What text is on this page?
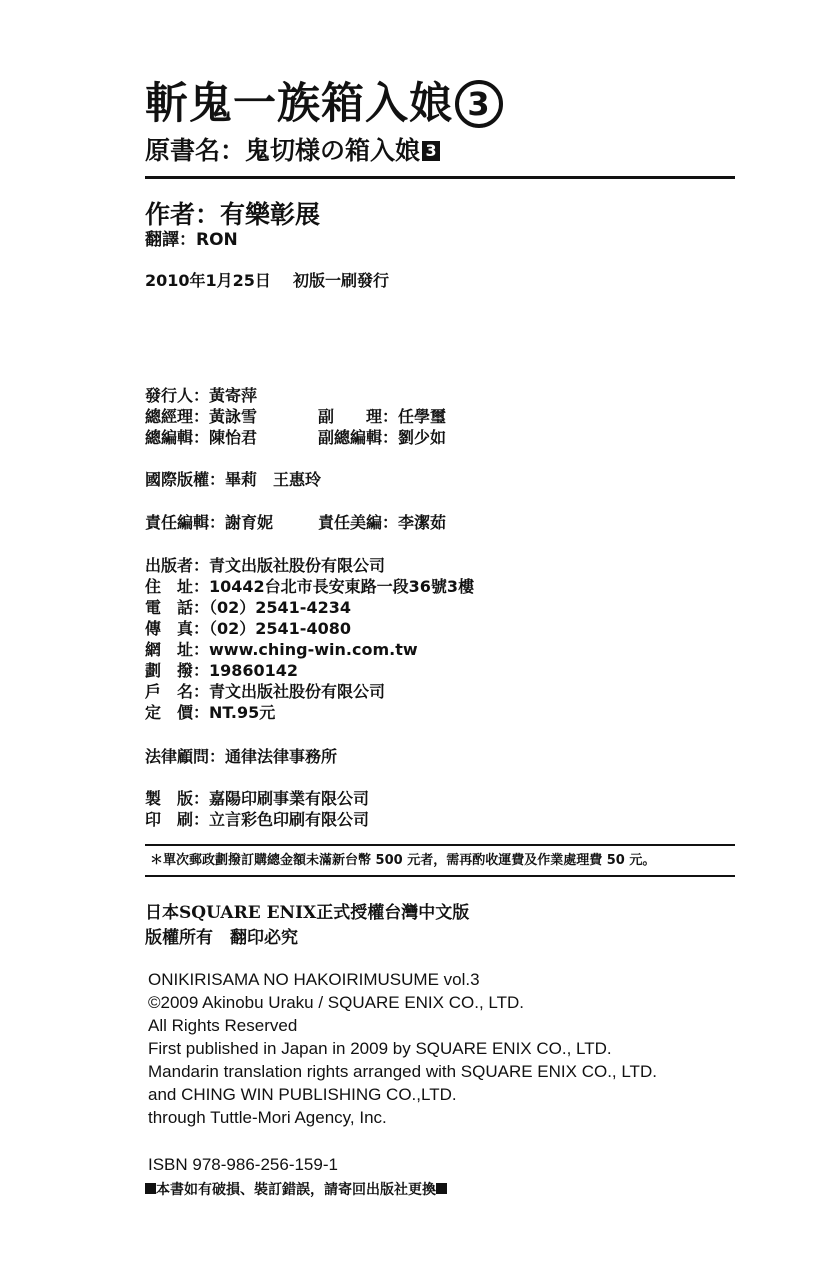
斬鬼一族箱入娘 3
原書名：鬼切様の箱入娘 3
作者：有樂彰展
翻譯：RON
2010年1月25日 初版一刷發行
發行人：黃寄萍
總經理：黃詠雪	副　　理：任學璽
總編輯：陳怡君	副總編輯：劉少如
國際版權：畢莉　王惠玲
責任編輯：謝育妮	責任美編：李潔茹
出版者：青文出版社股份有限公司
住　址：10442台北市長安東路一段36號3樓
電　話：（02）2541-4234
傳　真：（02）2541-4080
網　址：www.ching-win.com.tw
劃　撥：19860142
戶　名：青文出版社股份有限公司
定　價：NT.95元
法律顧問：通律法律事務所
製　版：嘉陽印刷事業有限公司
印　刷：立言彩色印刷有限公司
＊單次郵政劃撥訂購總金額未滿新台幣 500 元者，需再酌收運費及作業處理費 50 元。
日本SQUARE ENIX正式授權台灣中文版
版權所有　翻印必究
ONIKIRISAMA NO HAKOIRIMUSUME vol.3
©2009 Akinobu Uraku / SQUARE ENIX CO., LTD.
All Rights Reserved
First published in Japan in 2009 by SQUARE ENIX CO., LTD.
Mandarin translation rights arranged with SQUARE ENIX CO., LTD.
and CHING WIN PUBLISHING CO.,LTD.
through Tuttle-Mori Agency, Inc.
ISBN 978-986-256-159-1
本書如有破損、裝訂錯誤，請寄回出版社更換
